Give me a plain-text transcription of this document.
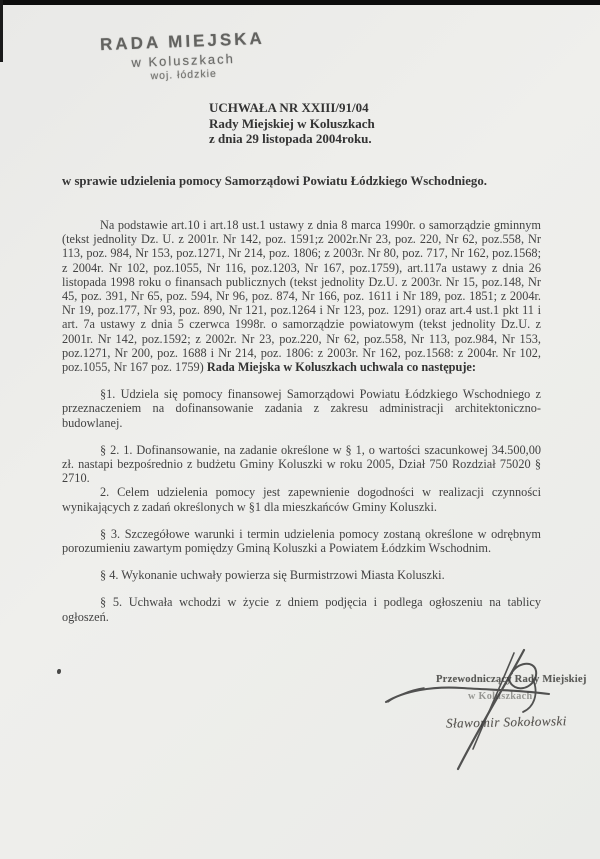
RADA MIEJSKA
w Koluszkach
woj. łódzkie
UCHWAŁA NR XXIII/91/04
Rady Miejskiej w Koluszkach
z dnia 29 listopada 2004roku.
w sprawie udzielenia pomocy Samorządowi Powiatu Łódzkiego Wschodniego.

Na podstawie art.10 i art.18 ust.1 ustawy z dnia 8 marca 1990r. o samorządzie gminnym (tekst jednolity Dz. U. z 2001r. Nr 142, poz. 1591;z 2002r.Nr 23, poz. 220, Nr 62, poz.558, Nr 113, poz. 984, Nr 153, poz.1271, Nr 214, poz. 1806; z 2003r. Nr 80, poz. 717, Nr 162, poz.1568; z 2004r. Nr 102, poz.1055, Nr 116, poz.1203, Nr 167, poz.1759), art.117a ustawy z dnia 26 listopada 1998 roku o finansach publicznych (tekst jednolity Dz.U. z 2003r. Nr 15, poz.148, Nr 45, poz. 391, Nr 65, poz. 594, Nr 96, poz. 874, Nr 166, poz. 1611 i Nr 189, poz. 1851; z 2004r. Nr 19, poz.177, Nr 93, poz. 890, Nr 121, poz.1264 i Nr 123, poz. 1291) oraz art.4 ust.1 pkt 11 i art. 7a ustawy z dnia 5 czerwca 1998r. o samorządzie powiatowym (tekst jednolity Dz.U. z 2001r. Nr 142, poz.1592; z 2002r. Nr 23, poz.220, Nr 62, poz.558, Nr 113, poz.984, Nr 153, poz.1271, Nr 200, poz. 1688 i Nr 214, poz. 1806: z 2003r. Nr 162, poz.1568: z 2004r. Nr 102, poz.1055, Nr 167 poz. 1759) Rada Miejska w Koluszkach uchwala co następuje:

§1. Udziela się pomocy finansowej Samorządowi Powiatu Łódzkiego Wschodniego z przeznaczeniem na dofinansowanie zadania z zakresu administracji architektoniczno-budowlanej.

§ 2. 1. Dofinansowanie, na zadanie określone w § 1, o wartości szacunkowej 34.500,00 zł. nastapi bezpośrednio z budżetu Gminy Koluszki w roku 2005, Dział 750 Rozdział 75020 § 2710.

2. Celem udzielenia pomocy jest zapewnienie dogodności w realizacji czynności wynikających z zadań określonych w §1 dla mieszkańców Gminy Koluszki.

§ 3. Szczegółowe warunki i termin udzielenia pomocy zostaną określone w odrębnym porozumieniu zawartym pomiędzy Gminą Koluszki a Powiatem Łódzkim Wschodnim.

§ 4. Wykonanie uchwały powierza się Burmistrzowi Miasta Koluszki.

§ 5. Uchwała wchodzi w życie z dniem podjęcia i podlega ogłoszeniu na tablicy ogłoszeń.

Przewodniczący Rady Miejskiej
w Koluszkach
Sławomir Sokołowski
